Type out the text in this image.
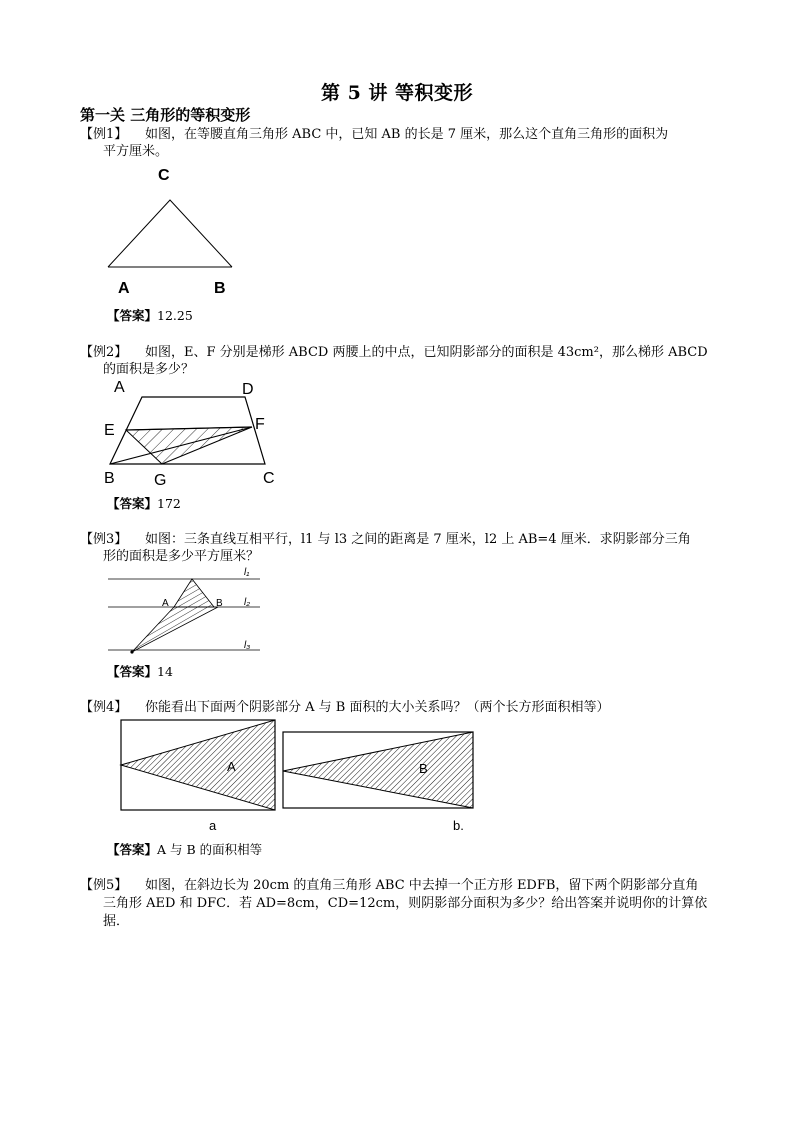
第 5 讲 等积变形
第一关 三角形的等积变形
【例1】 如图，在等腰直角三角形 ABC 中，已知 AB 的长是 7 厘米，那么这个直角三角形的面积为
平方厘米。
C
A	B
【答案】12.25
【例2】 如图，E、F 分别是梯形 ABCD 两腰上的中点，已知阴影部分的面积是 43cm²，那么梯形 ABCD
的面积是多少？
A	D
E	F
B G	C
【答案】172
【例3】 如图：三条直线互相平行，l1 与 l3 之间的距离是 7 厘米，l2 上 AB=4 厘米．求阴影部分三角
形的面积是多少平方厘米？
A	B
l₁
l₂
l₃
【答案】14
【例4】 你能看出下面两个阴影部分 A 与 B 面积的大小关系吗？（两个长方形面积相等）
A	B
a	b.
【答案】A 与 B 的面积相等
【例5】 如图，在斜边长为 20cm 的直角三角形 ABC 中去掉一个正方形 EDFB，留下两个阴影部分直角
三角形 AED 和 DFC．若 AD=8cm，CD=12cm，则阴影部分面积为多少？给出答案并说明你的计算依
据．
